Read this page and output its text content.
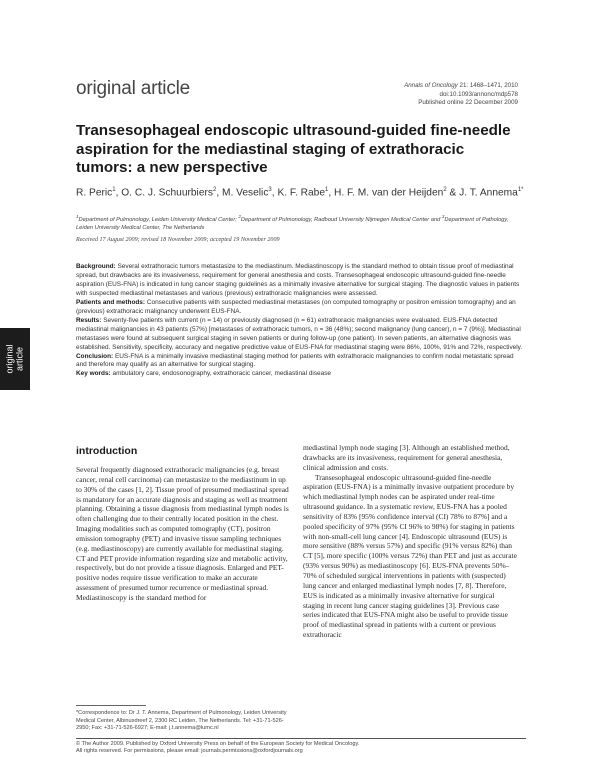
original article	Annals of Oncology 21: 1468–1471, 2010
doi:10.1093/annonc/mdp578
Published online 22 December 2009
Transesophageal endoscopic ultrasound-guided fine-needle aspiration for the mediastinal staging of extrathoracic tumors: a new perspective
R. Peric$^1$, O. C. J. Schuurbiers$^2$, M. Veselic$^3$, K. F. Rabe$^1$, H. F. M. van der Heijden$^2$ & J. T. Annema$^{1*}$
$^1$Department of Pulmonology, Leiden University Medical Center; $^2$Department of Pulmonology, Radboud University Nijmegen Medical Center and $^3$Department of Pathology, Leiden University Medical Center, The Netherlands
Received 17 August 2009; revised 18 November 2009; accepted 19 November 2009
original article

Background: Several extrathoracic tumors metastasize to the mediastinum. Mediastinoscopy is the standard method to obtain tissue proof of mediastinal spread, but drawbacks are its invasiveness, requirement for general anesthesia and costs. Transesophageal endoscopic ultrasound-guided fine-needle aspiration (EUS-FNA) is indicated in lung cancer staging guidelines as a minimally invasive alternative for surgical staging. The diagnostic values in patients with suspected mediastinal metastases and various (previous) extrathoracic malignancies were assessed.

Patients and methods: Consecutive patients with suspected mediastinal metastases (on computed tomography or positron emission tomography) and an (previous) extrathoracic malignancy underwent EUS-FNA.

Results: Seventy-five patients with current (n = 14) or previously diagnosed (n = 61) extrathoracic malignancies were evaluated. EUS-FNA detected mediastinal malignancies in 43 patients (57%) [metastases of extrathoracic tumors, n = 36 (48%); second malignancy (lung cancer), n = 7 (9%)]. Mediastinal metastases were found at subsequent surgical staging in seven patients or during follow-up (one patient). In seven patients, an alternative diagnosis was established. Sensitivity, specificity, accuracy and negative predictive value of EUS-FNA for mediastinal staging were 86%, 100%, 91% and 72%, respectively.

Conclusion: EUS-FNA is a minimally invasive mediastinal staging method for patients with extrathoracic malignancies to confirm nodal metastatic spread and therefore may qualify as an alternative for surgical staging.

Key words: ambulatory care, endosonography, extrathoracic cancer, mediastinal disease

introduction

Several frequently diagnosed extrathoracic malignancies (e.g. breast cancer, renal cell carcinoma) can metastasize to the mediastinum in up to 30% of the cases [1, 2]. Tissue proof of presumed mediastinal spread is mandatory for an accurate diagnosis and staging as well as treatment planning. Obtaining a tissue diagnosis from mediastinal lymph nodes is often challenging due to their centrally located position in the chest. Imaging modalities such as computed tomography (CT), positron emission tomography (PET) and invasive tissue sampling techniques (e.g. mediastinoscopy) are currently available for mediastinal staging. CT and PET provide information regarding size and metabolic activity, respectively, but do not provide a tissue diagnosis. Enlarged and PET-positive nodes require tissue verification to make an accurate assessment of presumed tumor recurrence or mediastinal spread. Mediastinoscopy is the standard method for

mediastinal lymph node staging [3]. Although an established method, drawbacks are its invasiveness, requirement for general anesthesia, clinical admission and costs.

Transesophageal endoscopic ultrasound-guided fine-needle aspiration (EUS-FNA) is a minimally invasive outpatient procedure by which mediastinal lymph nodes can be aspirated under real-time ultrasound guidance. In a systematic review, EUS-FNA has a pooled sensitivity of 83% [95% confidence interval (CI) 78% to 87%] and a pooled specificity of 97% (95% CI 96% to 98%) for staging in patients with non-small-cell lung cancer [4]. Endoscopic ultrasound (EUS) is more sensitive (88% versus 57%) and specific (91% versus 82%) than CT [5], more specific (100% versus 72%) than PET and just as accurate (93% versus 90%) as mediastinoscopy [6]. EUS-FNA prevents 50%–70% of scheduled surgical interventions in patients with (suspected) lung cancer and enlarged mediastinal lymph nodes [7, 8]. Therefore, EUS is indicated as a minimally invasive alternative for surgical staging in recent lung cancer staging guidelines [3]. Previous case series indicated that EUS-FNA might also be useful to provide tissue proof of mediastinal spread in patients with a current or previous extrathoracic

*Correspondence to: Dr J. T. Annema, Department of Pulmonology, Leiden University Medical Center, Albinusdreef 2, 2300 RC Leiden, The Netherlands. Tel: +31-71-526-2950; Fax: +31-71-526-6927; E-mail: j.t.annema@lumc.nl
© The Author 2009. Published by Oxford University Press on behalf of the European Society for Medical Oncology.
All rights reserved. For permissions, please email: journals.permissions@oxfordjournals.org
